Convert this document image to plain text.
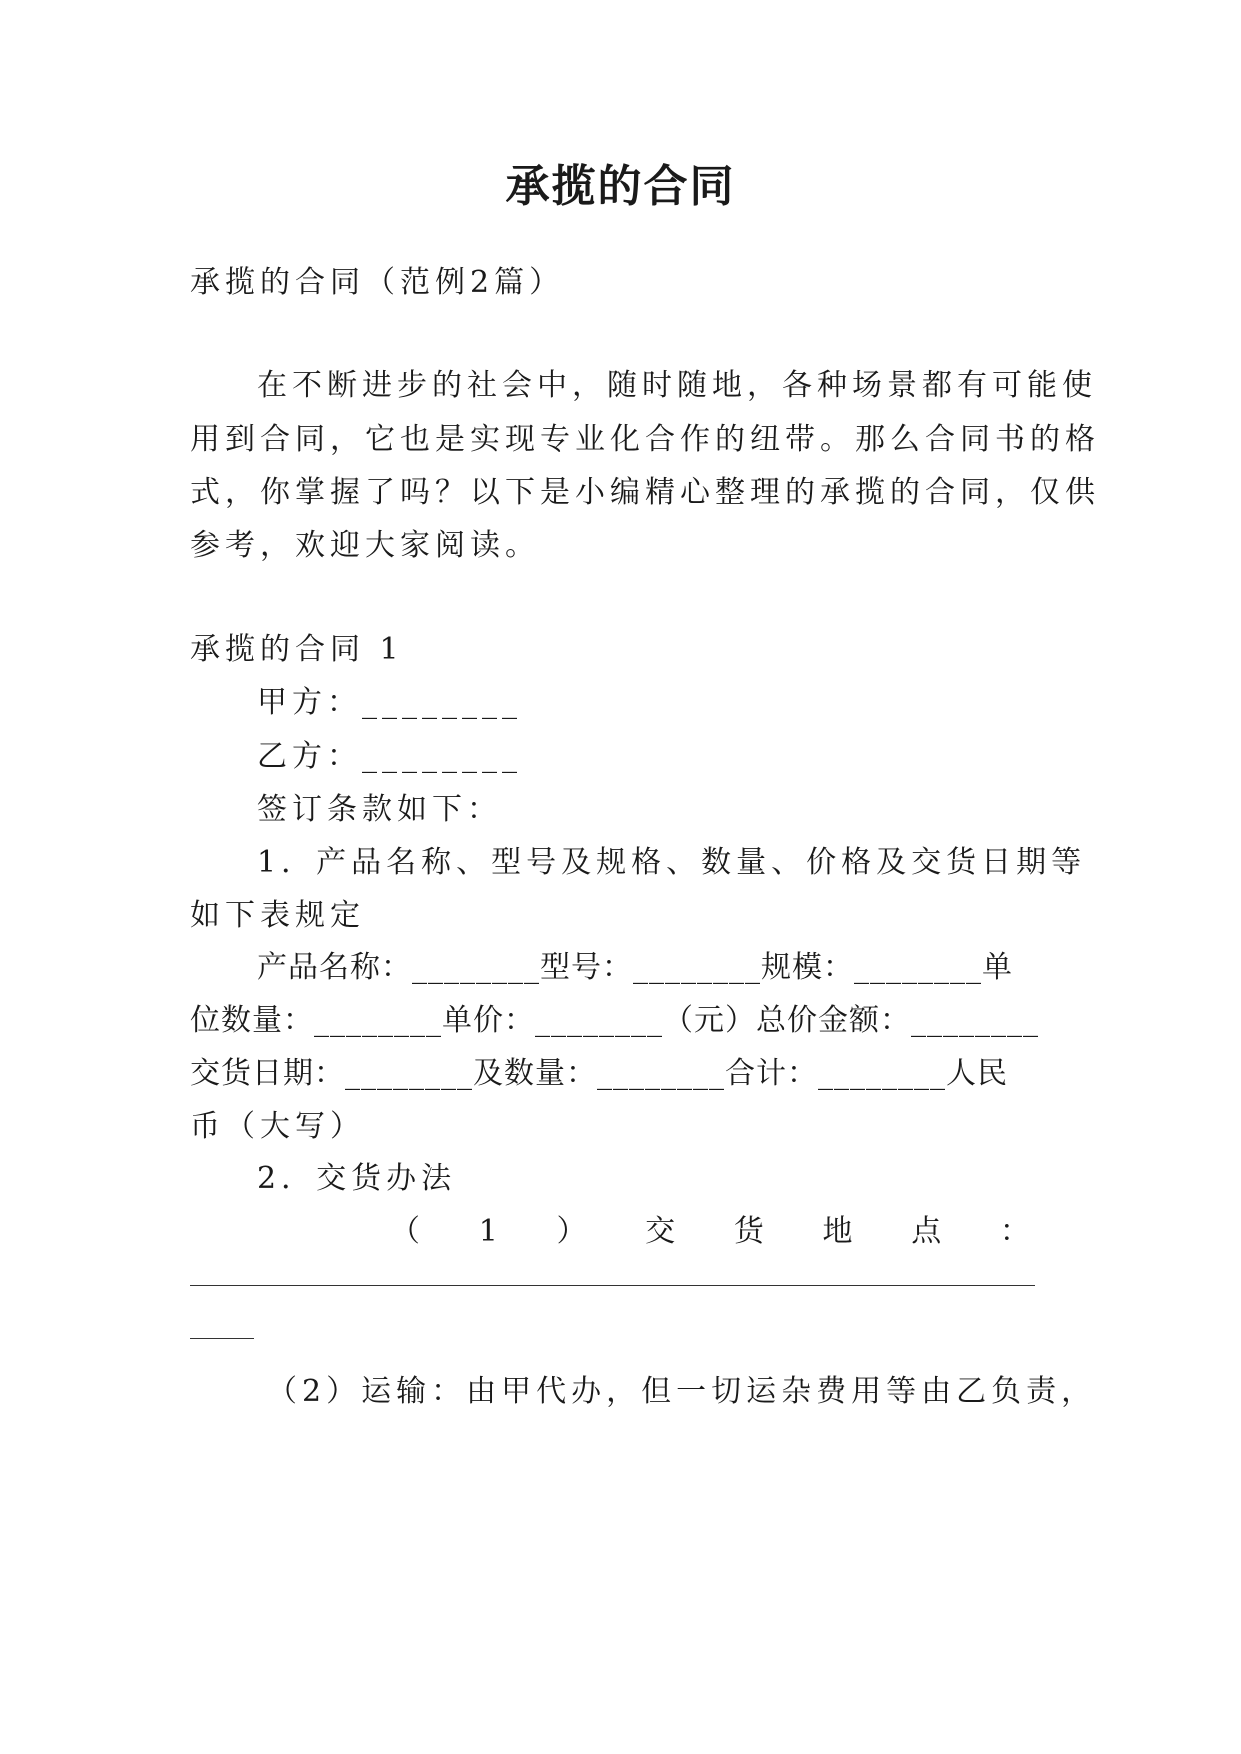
承揽的合同
承揽的合同（范例2篇）
在不断进步的社会中，随时随地，各种场景都有可能使
用到合同，它也是实现专业化合作的纽带。那么合同书的格
式，你掌握了吗？以下是小编精心整理的承揽的合同，仅供
参考，欢迎大家阅读。
承揽的合同 1
甲方：________
乙方：________
签订条款如下：
1．产品名称、型号及规格、数量、价格及交货日期等
如下表规定
产品名称：________型号：________规模：________单
位数量：________单价：________（元）总价金额：________
交货日期：________及数量：________合计：________人民
币（大写）
2．交货办法
（ 1 ） 交 货 地 点 ：
（2）运输：由甲代办，但一切运杂费用等由乙负责，
